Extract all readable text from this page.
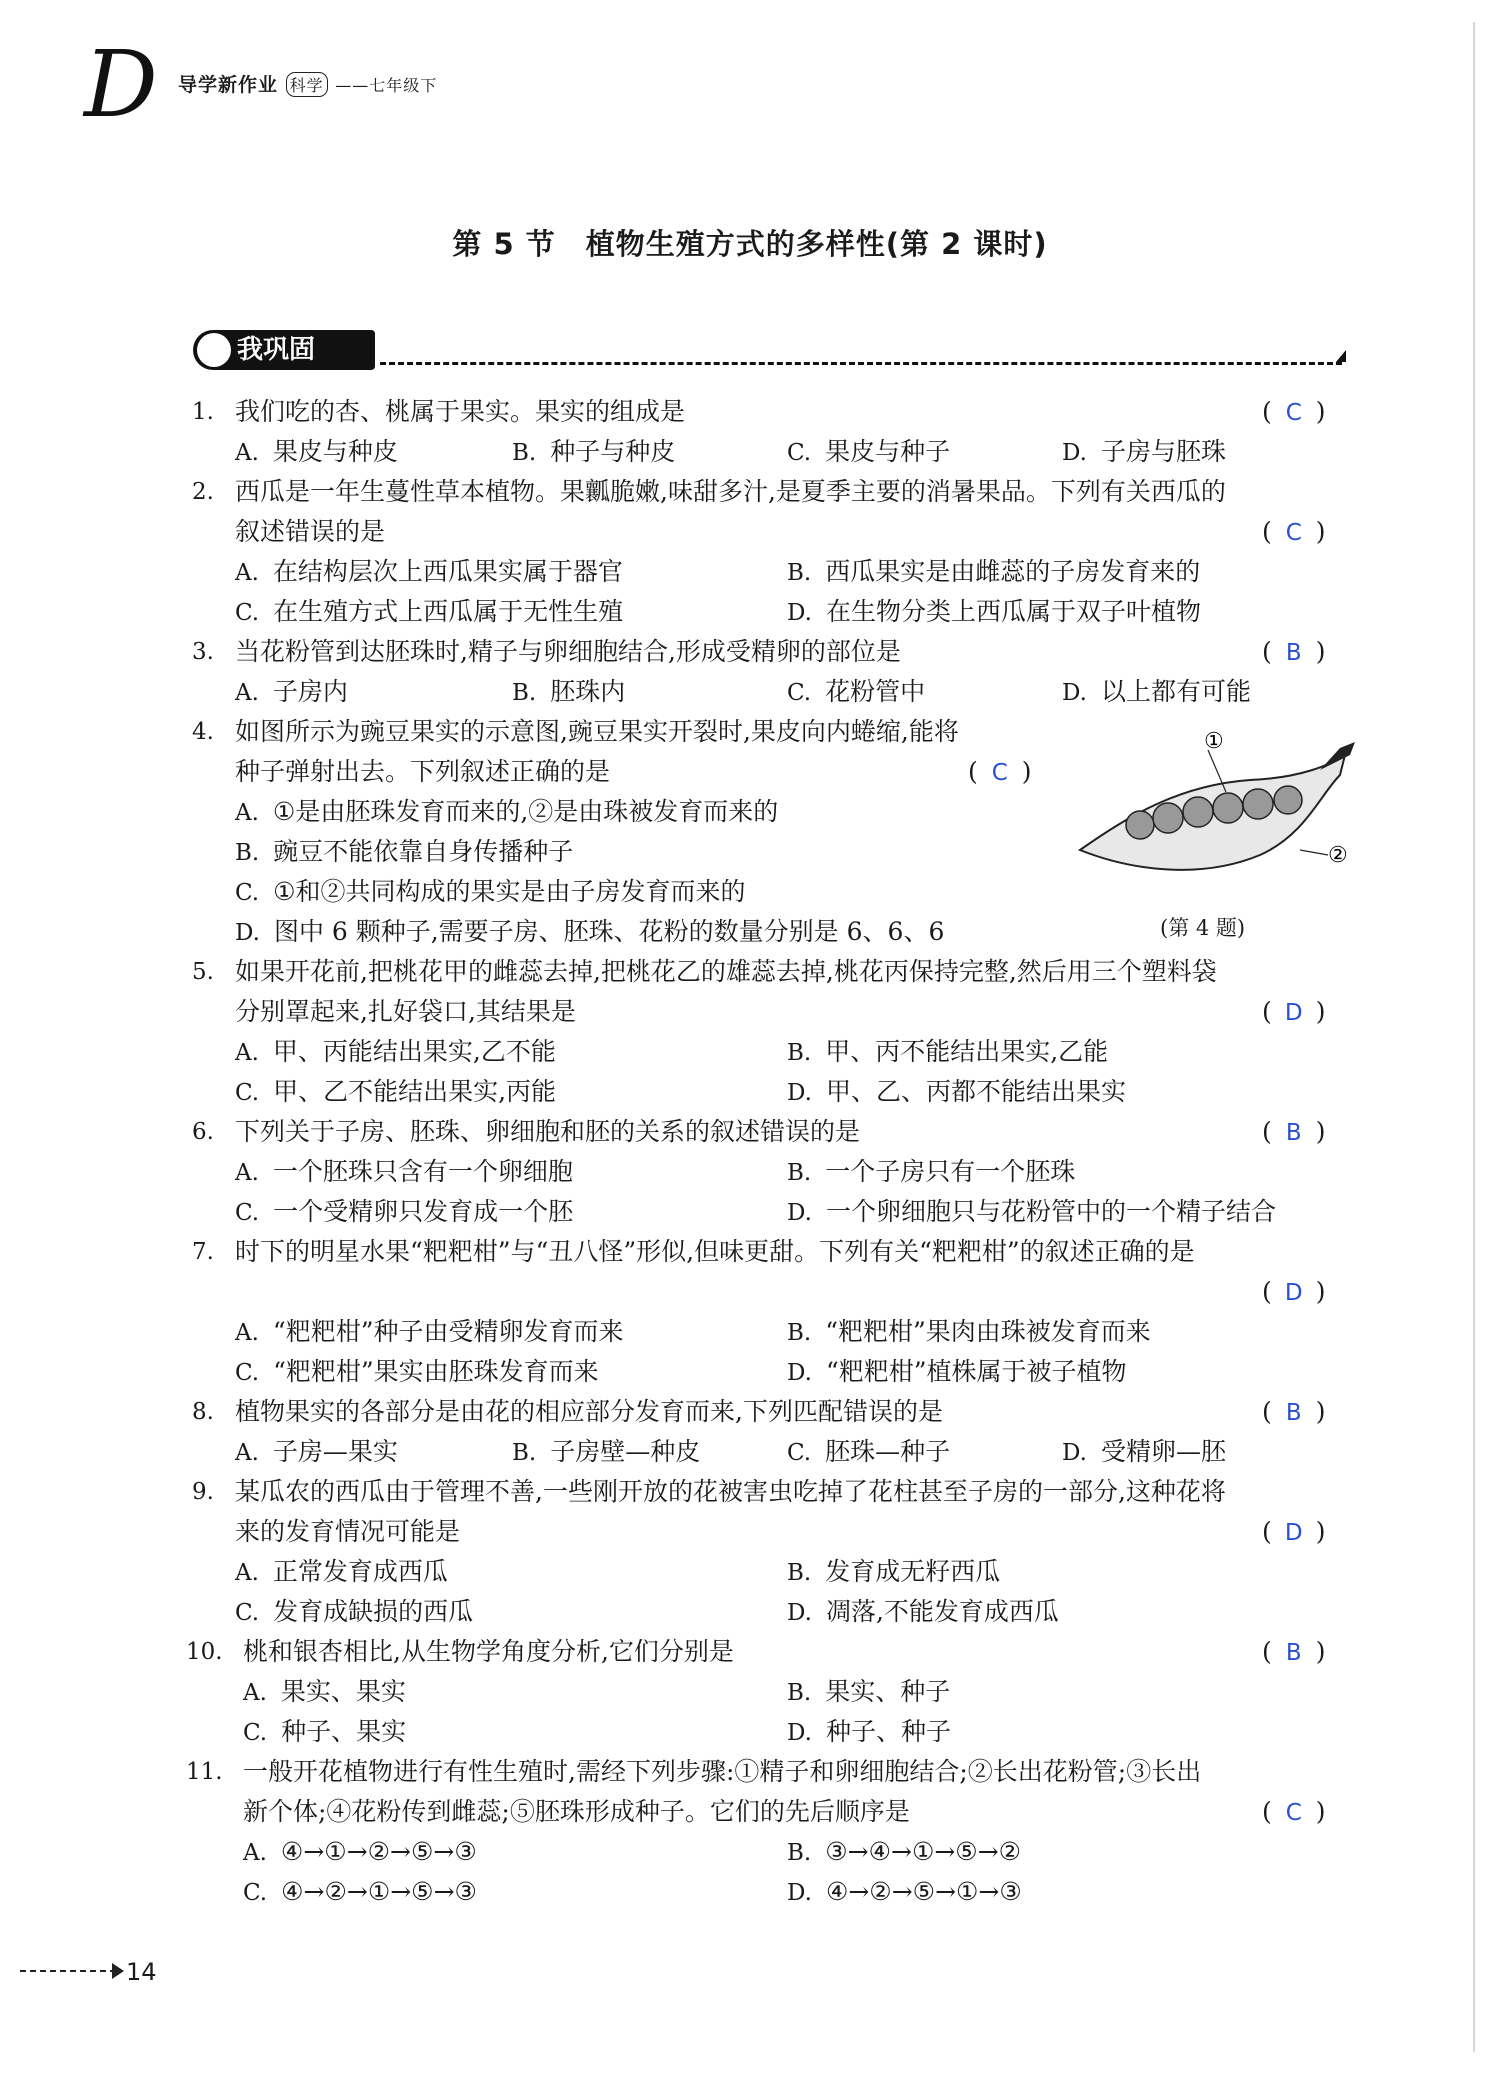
D 导学新作业 科学 ——七年级下
第 5 节　植物生殖方式的多样性(第 2 课时)
我巩固
①
②
(第 4 题)
1. 我们吃的杏、桃属于果实。果实的组成是	( C )
A. 果皮与种皮	B. 种子与种皮	C. 果皮与种子	D. 子房与胚珠
2. 西瓜是一年生蔓性草本植物。果瓤脆嫩,味甜多汁,是夏季主要的消暑果品。下列有关西瓜的
叙述错误的是	( C )
A. 在结构层次上西瓜果实属于器官	B. 西瓜果实是由雌蕊的子房发育来的
C. 在生殖方式上西瓜属于无性生殖	D. 在生物分类上西瓜属于双子叶植物
3. 当花粉管到达胚珠时,精子与卵细胞结合,形成受精卵的部位是	( B )
A. 子房内	B. 胚珠内	C. 花粉管中	D. 以上都有可能
4. 如图所示为豌豆果实的示意图,豌豆果实开裂时,果皮向内蜷缩,能将
种子弹射出去。下列叙述正确的是	( C )
A. ①是由胚珠发育而来的,②是由珠被发育而来的
B. 豌豆不能依靠自身传播种子
C. ①和②共同构成的果实是由子房发育而来的
D. 图中 6 颗种子,需要子房、胚珠、花粉的数量分别是 6、6、6
5. 如果开花前,把桃花甲的雌蕊去掉,把桃花乙的雄蕊去掉,桃花丙保持完整,然后用三个塑料袋
分别罩起来,扎好袋口,其结果是	( D )
A. 甲、丙能结出果实,乙不能	B. 甲、丙不能结出果实,乙能
C. 甲、乙不能结出果实,丙能	D. 甲、乙、丙都不能结出果实
6. 下列关于子房、胚珠、卵细胞和胚的关系的叙述错误的是	( B )
A. 一个胚珠只含有一个卵细胞	B. 一个子房只有一个胚珠
C. 一个受精卵只发育成一个胚	D. 一个卵细胞只与花粉管中的一个精子结合
7. 时下的明星水果“粑粑柑”与“丑八怪”形似,但味更甜。下列有关“粑粑柑”的叙述正确的是
( D )
A. “粑粑柑”种子由受精卵发育而来	B. “粑粑柑”果肉由珠被发育而来
C. “粑粑柑”果实由胚珠发育而来	D. “粑粑柑”植株属于被子植物
8. 植物果实的各部分是由花的相应部分发育而来,下列匹配错误的是	( B )
A. 子房—果实	B. 子房壁—种皮	C. 胚珠—种子	D. 受精卵—胚
9. 某瓜农的西瓜由于管理不善,一些刚开放的花被害虫吃掉了花柱甚至子房的一部分,这种花将
来的发育情况可能是	( D )
A. 正常发育成西瓜	B. 发育成无籽西瓜
C. 发育成缺损的西瓜	D. 凋落,不能发育成西瓜
10. 桃和银杏相比,从生物学角度分析,它们分别是	( B )
A. 果实、果实	B. 果实、种子
C. 种子、果实	D. 种子、种子
11. 一般开花植物进行有性生殖时,需经下列步骤:①精子和卵细胞结合;②长出花粉管;③长出
新个体;④花粉传到雌蕊;⑤胚珠形成种子。它们的先后顺序是	( C )
A. ④→①→②→⑤→③	B. ③→④→①→⑤→②
C. ④→②→①→⑤→③	D. ④→②→⑤→①→③
14
